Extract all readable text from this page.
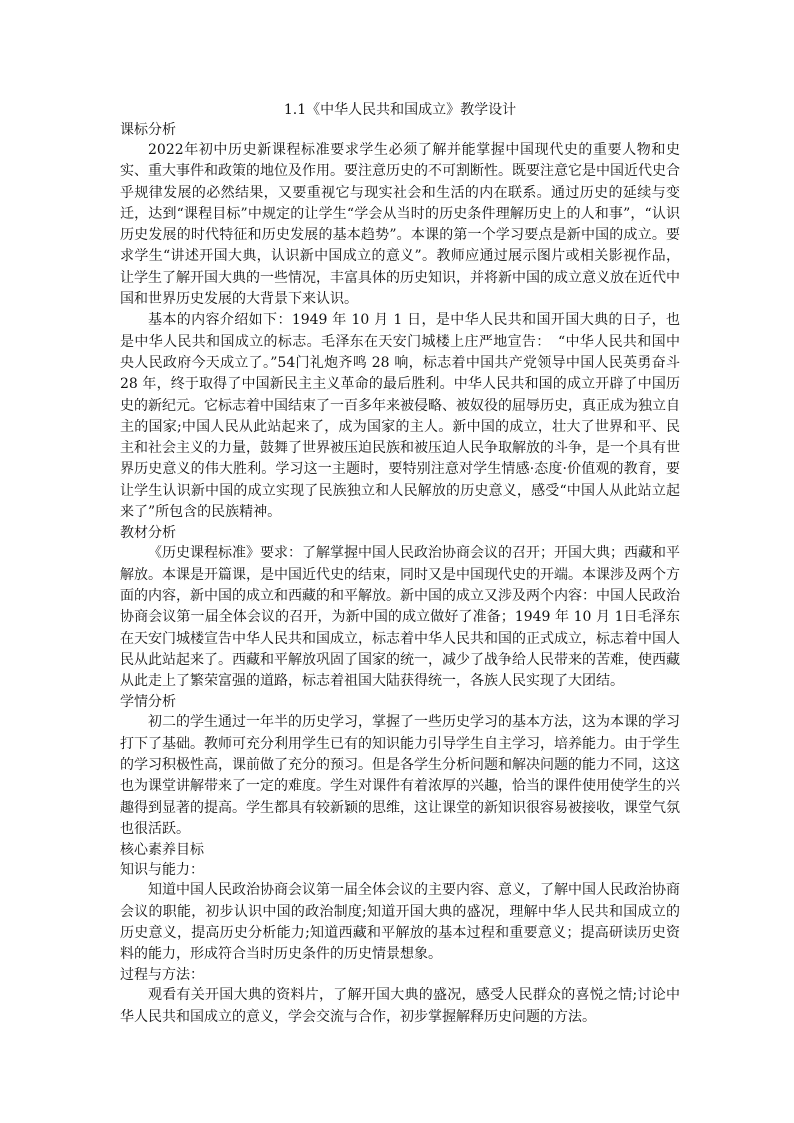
1.1《中华人民共和国成立》教学设计

课标分析

2022年初中历史新课程标准要求学生必须了解并能掌握中国现代史的重要人物和史实、重大事件和政策的地位及作用。要注意历史的不可割断性。既要注意它是中国近代史合乎规律发展的必然结果，又要重视它与现实社会和生活的内在联系。通过历史的延续与变迁，达到“课程目标”中规定的让学生“学会从当时的历史条件理解历史上的人和事”，“认识历史发展的时代特征和历史发展的基本趋势”。本课的第一个学习要点是新中国的成立。要求学生“讲述开国大典，认识新中国成立的意义”。教师应通过展示图片或相关影视作品，让学生了解开国大典的一些情况，丰富具体的历史知识，并将新中国的成立意义放在近代中国和世界历史发展的大背景下来认识。

基本的内容介绍如下：1949 年 10 月 1 日，是中华人民共和国开国大典的日子，也是中华人民共和国成立的标志。毛泽东在天安门城楼上庄严地宣告：　“中华人民共和国中央人民政府今天成立了。”54门礼炮齐鸣 28 响，标志着中国共产党领导中国人民英勇奋斗28 年，终于取得了中国新民主主义革命的最后胜利。中华人民共和国的成立开辟了中国历史的新纪元。它标志着中国结束了一百多年来被侵略、被奴役的屈辱历史，真正成为独立自主的国家;中国人民从此站起来了，成为国家的主人。新中国的成立，壮大了世界和平、民主和社会主义的力量，鼓舞了世界被压迫民族和被压迫人民争取解放的斗争，是一个具有世界历史意义的伟大胜利。学习这一主题时，要特别注意对学生情感·态度·价值观的教育，要让学生认识新中国的成立实现了民族独立和人民解放的历史意义，感受“中国人从此站立起来了”所包含的民族精神。

教材分析

《历史课程标准》要求：了解掌握中国人民政治协商会议的召开；开国大典；西藏和平解放。本课是开篇课，是中国近代史的结束，同时又是中国现代史的开端。本课涉及两个方面的内容，新中国的成立和西藏的和平解放。新中国的成立又涉及两个内容：中国人民政治协商会议第一届全体会议的召开，为新中国的成立做好了准备；1949 年 10 月 1日毛泽东在天安门城楼宣告中华人民共和国成立，标志着中华人民共和国的正式成立，标志着中国人民从此站起来了。西藏和平解放巩固了国家的统一，减少了战争给人民带来的苦难，使西藏从此走上了繁荣富强的道路，标志着祖国大陆获得统一，各族人民实现了大团结。

学情分析

初二的学生通过一年半的历史学习，掌握了一些历史学习的基本方法，这为本课的学习打下了基础。教师可充分利用学生已有的知识能力引导学生自主学习，培养能力。由于学生的学习积极性高，课前做了充分的预习。但是各学生分析问题和解决问题的能力不同，这这也为课堂讲解带来了一定的难度。学生对课件有着浓厚的兴趣，恰当的课件使用使学生的兴趣得到显著的提高。学生都具有较新颖的思维，这让课堂的新知识很容易被接收，课堂气氛也很活跃。

核心素养目标

知识与能力：

知道中国人民政治协商会议第一届全体会议的主要内容、意义，了解中国人民政治协商会议的职能，初步认识中国的政治制度;知道开国大典的盛况，理解中华人民共和国成立的历史意义，提高历史分析能力;知道西藏和平解放的基本过程和重要意义；提高研读历史资料的能力，形成符合当时历史条件的历史情景想象。

过程与方法：

观看有关开国大典的资料片，了解开国大典的盛况，感受人民群众的喜悦之情;讨论中华人民共和国成立的意义，学会交流与合作，初步掌握解释历史问题的方法。
